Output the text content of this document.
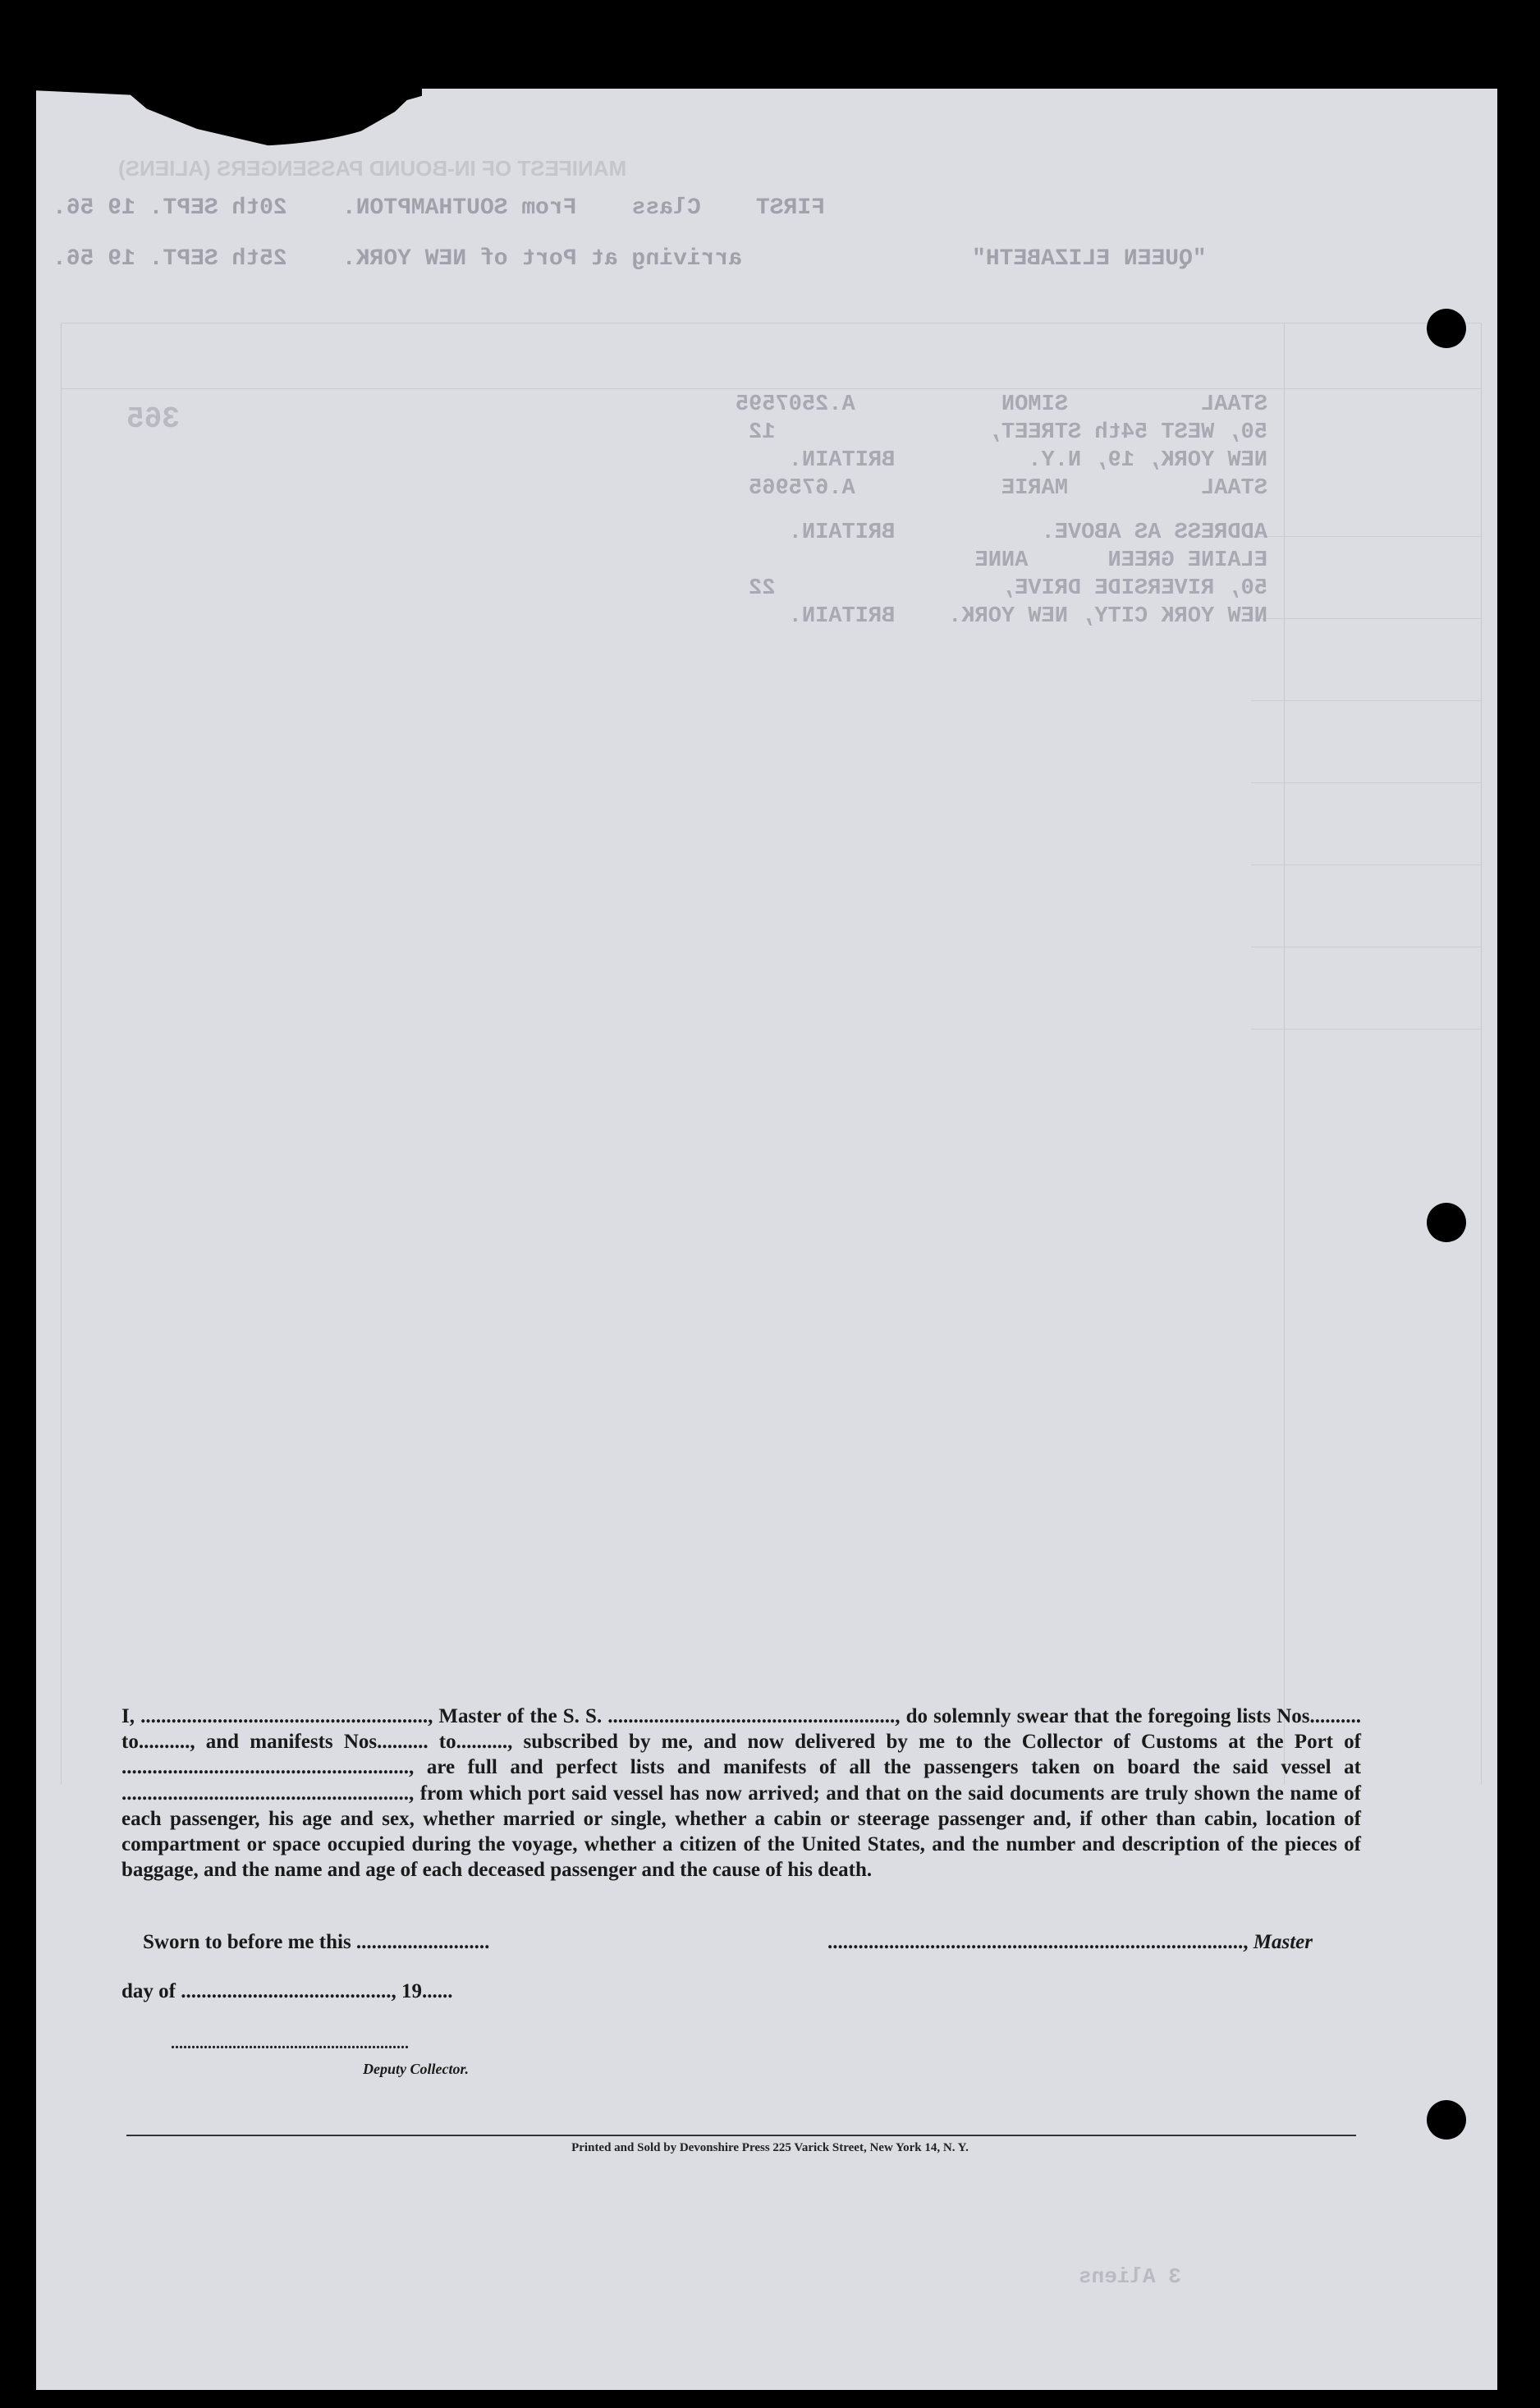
MANIFEST OF IN-BOUND PASSENGERS (ALIENS)
FIRST    Class    From SOUTHAMPTON.    20th SEPT. 19 56.
arriving at Port of NEW YORK.    25th SEPT. 19 56.	"QUEEN ELIZABETH"
365	STAAL          SIMON           A.2507595
50, WEST 54th STREET,                12
NEW YORK, 19, N.Y.          BRITAIN.
STAAL          MARIE           A.675965
ADDRESS AS ABOVE.           BRITAIN.
ELAINE GREEN      ANNE
50, RIVERSIDE DRIVE,                 22
NEW YORK CITY, NEW YORK.    BRITAIN.
3 Aliens
I, ........................................................, Master of the S. S. ........................................................, do solemnly swear that the foregoing lists Nos.......... to.........., and manifests Nos.......... to.........., subscribed by me, and now delivered by me to the Collector of Customs at the Port of ........................................................, are full and perfect lists and manifests of all the passengers taken on board the said vessel at ........................................................, from which port said vessel has now arrived; and that on the said documents are truly shown the name of each passenger, his age and sex, whether married or single, whether a cabin or steerage passenger and, if other than cabin, location of compartment or space occupied during the voyage, whether a citizen of the United States, and the number and description of the pieces of baggage, and the name and age of each deceased passenger and the cause of his death.
Sworn to before me this ..........................	................................................................................., Master
day of ........................................., 19......
..........................................................
Deputy Collector.
Printed and Sold by Devonshire Press 225 Varick Street, New York 14, N. Y.
